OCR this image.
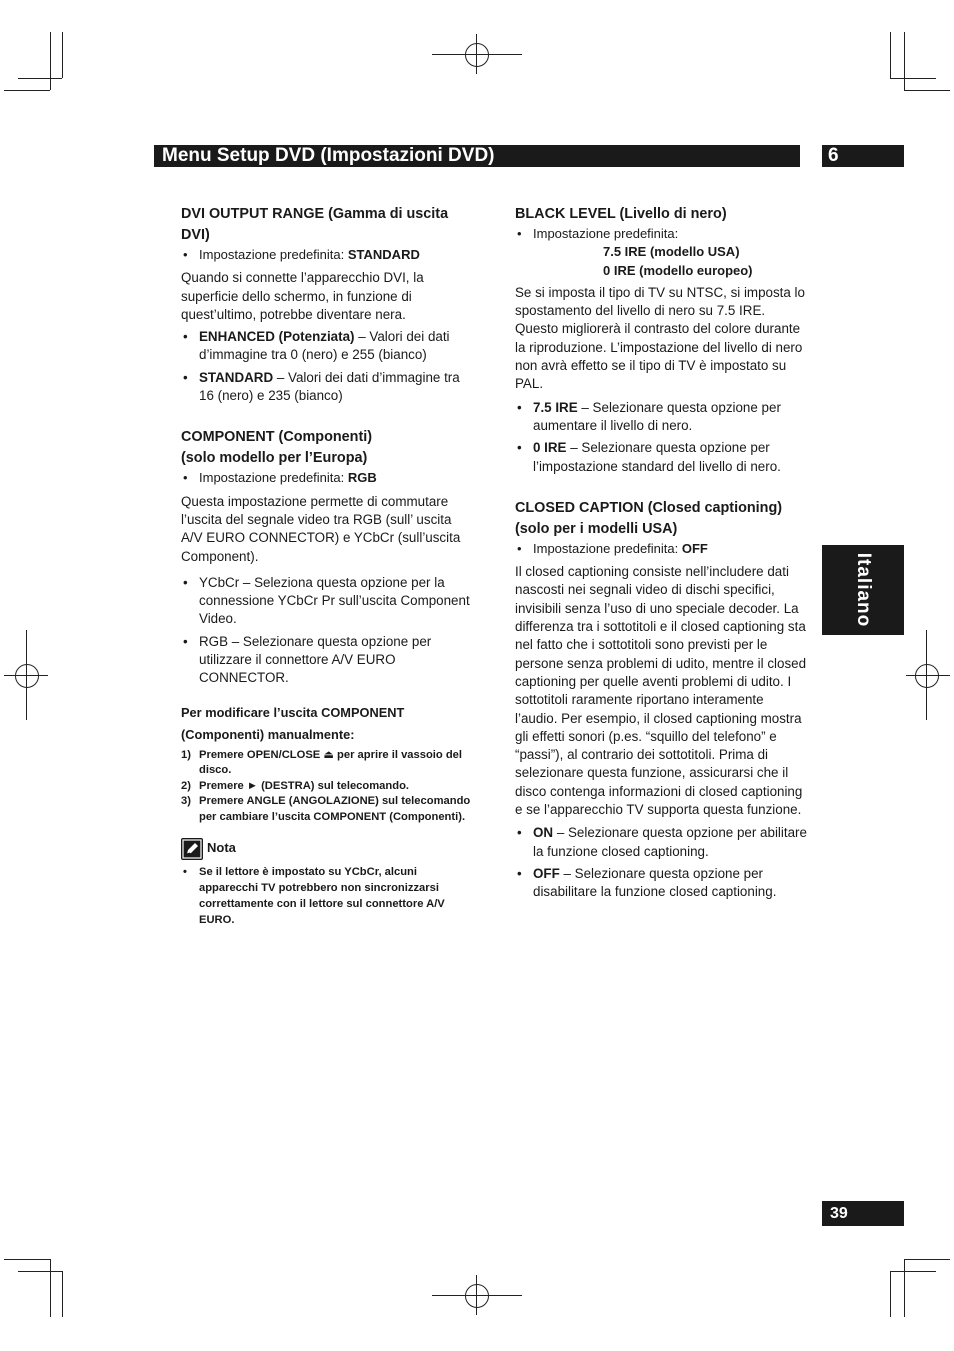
Menu Setup DVD (Impostazioni DVD)	6
Italiano
39
DVI OUTPUT RANGE (Gamma di uscita DVI)
• Impostazione predefinita: STANDARD

Quando si connette l’apparecchio DVI, la superficie dello schermo, in funzione di quest’ultimo, potrebbe diventare nera.

• ENHANCED (Potenziata) – Valori dei dati d’immagine tra 0 (nero) e 255 (bianco)
• STANDARD – Valori dei dati d’immagine tra 16 (nero) e 235 (bianco)
COMPONENT (Componenti)
(solo modello per l’Europa)
• Impostazione predefinita: RGB

Questa impostazione permette di commutare l’uscita del segnale video tra RGB (sull’ uscita A/V EURO CONNECTOR) e YCbCr (sull’uscita Component).

• YCbCr – Seleziona questa opzione per la connessione YCbCr Pr sull’uscita Component Video.
• RGB – Selezionare questa opzione per utilizzare il connettore A/V EURO CONNECTOR.
Per modificare l’uscita COMPONENT
(Componenti) manualmente:
1) Premere OPEN/CLOSE ⏏ per aprire il vassoio del disco.
2) Premere ► (DESTRA) sul telecomando.
3) Premere ANGLE (ANGOLAZIONE) sul telecomando per cambiare l’uscita COMPONENT (Componenti).
Nota
• Se il lettore è impostato su YCbCr, alcuni apparecchi TV potrebbero non sincronizzarsi correttamente con il lettore sul connettore A/V EURO.
BLACK LEVEL (Livello di nero)
• Impostazione predefinita:
7.5 IRE (modello USA)
0 IRE (modello europeo)

Se si imposta il tipo di TV su NTSC, si imposta lo spostamento del livello di nero su 7.5 IRE. Questo migliorerà il contrasto del colore durante la riproduzione. L’impostazione del livello di nero non avrà effetto se il tipo di TV è impostato su PAL.

• 7.5 IRE – Selezionare questa opzione per aumentare il livello di nero.
• 0 IRE – Selezionare questa opzione per l’impostazione standard del livello di nero.
CLOSED CAPTION (Closed captioning)
(solo per i modelli USA)
• Impostazione predefinita: OFF

Il closed captioning consiste nell’includere dati nascosti nei segnali video di dischi specifici, invisibili senza l’uso di uno speciale decoder. La differenza tra i sottotitoli e il closed captioning sta nel fatto che i sottotitoli sono previsti per le persone senza problemi di udito, mentre il closed captioning per quelle aventi problemi di udito. I sottotitoli raramente riportano interamente l’audio. Per esempio, il closed captioning mostra gli effetti sonori (p.es. “squillo del telefono” e “passi”), al contrario dei sottotitoli. Prima di selezionare questa funzione, assicurarsi che il disco contenga informazioni di closed captioning e se l’apparecchio TV supporta questa funzione.

• ON – Selezionare questa opzione per abilitare la funzione closed captioning.
• OFF – Selezionare questa opzione per disabilitare la funzione closed captioning.
